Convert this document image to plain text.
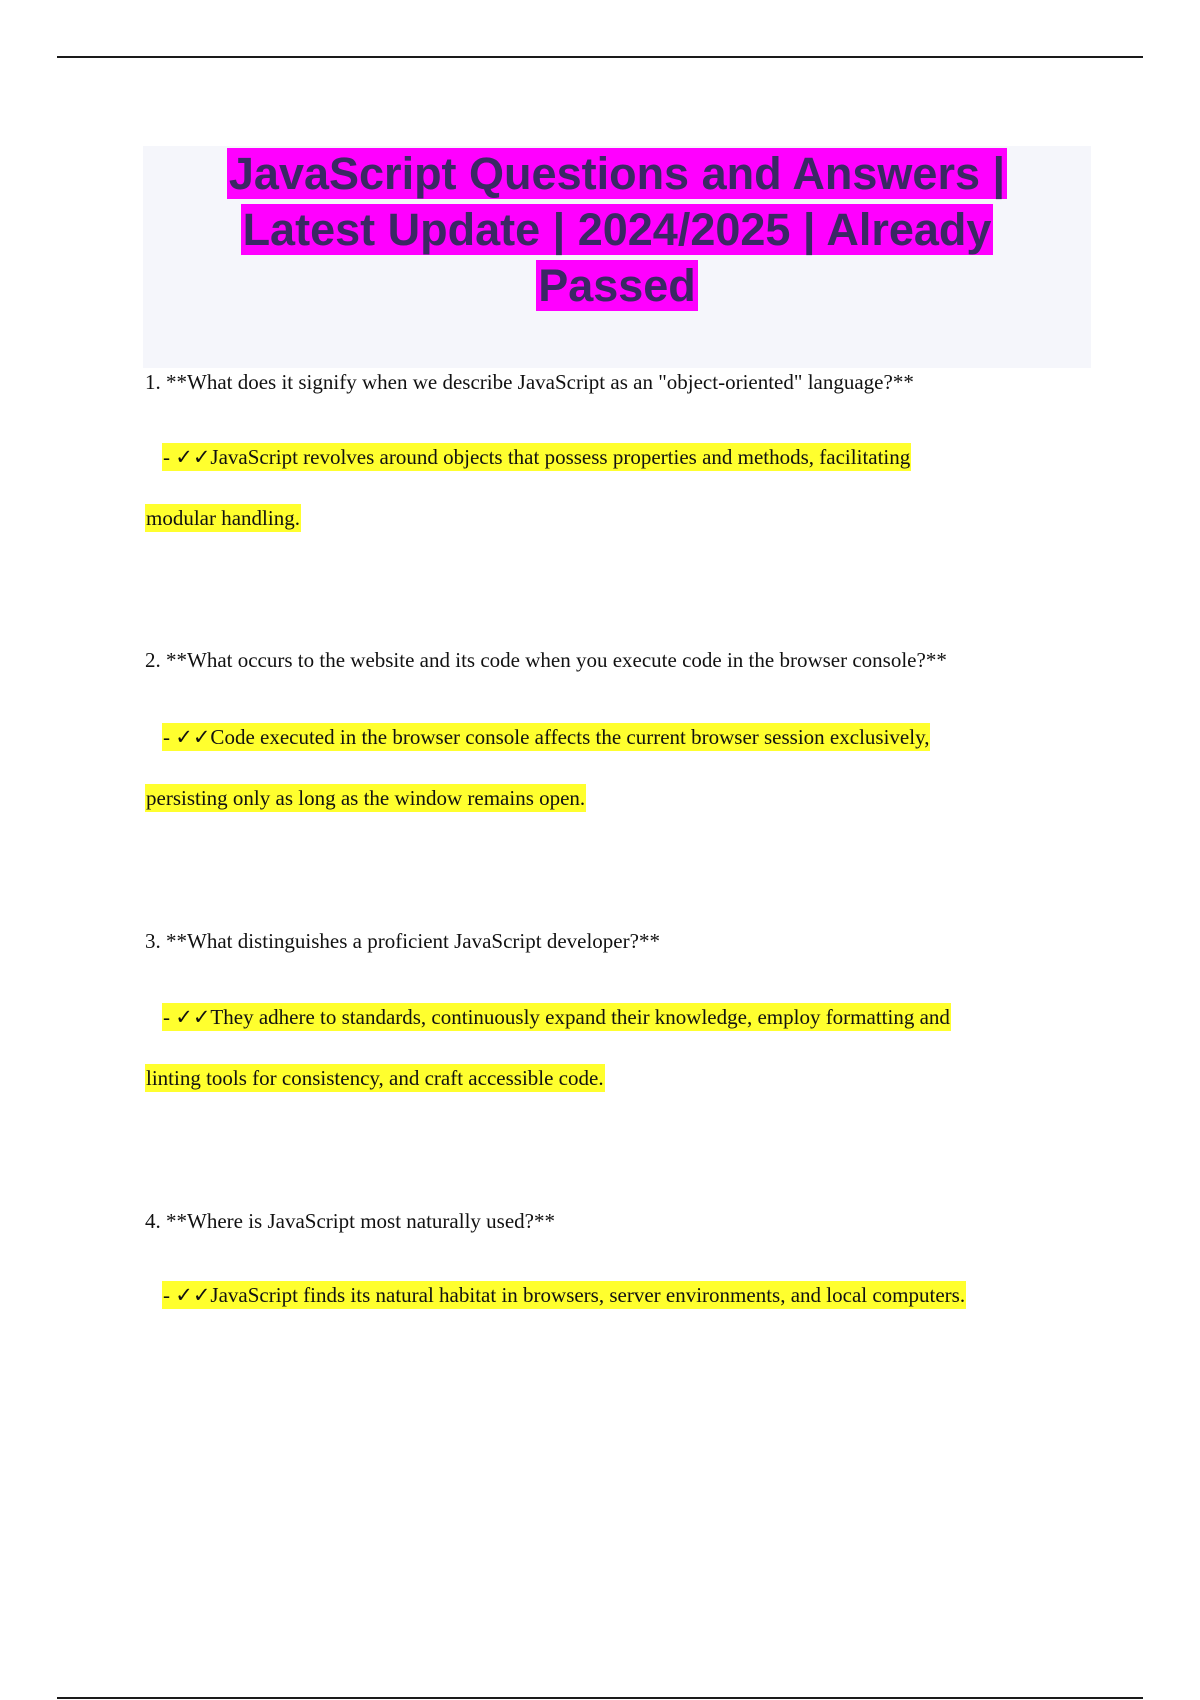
JavaScript Questions and Answers |
Latest Update | 2024/2025 | Already
Passed
1. **What does it signify when we describe JavaScript as an "object-oriented" language?**
- ✓✓JavaScript revolves around objects that possess properties and methods, facilitating
modular handling.
2. **What occurs to the website and its code when you execute code in the browser console?**
- ✓✓Code executed in the browser console affects the current browser session exclusively,
persisting only as long as the window remains open.
3. **What distinguishes a proficient JavaScript developer?**
- ✓✓They adhere to standards, continuously expand their knowledge, employ formatting and
linting tools for consistency, and craft accessible code.
4. **Where is JavaScript most naturally used?**
- ✓✓JavaScript finds its natural habitat in browsers, server environments, and local computers.
